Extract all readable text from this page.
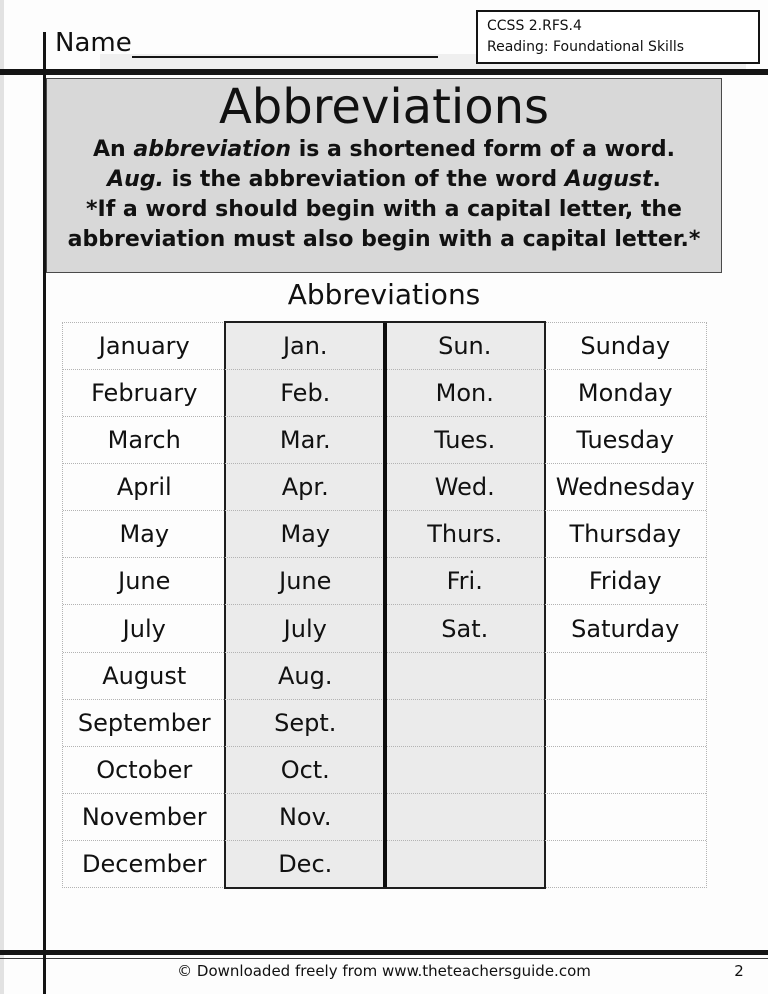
Name
CCSS 2.RFS.4
Reading: Foundational Skills
Abbreviations
An abbreviation is a shortened form of a word.
Aug. is the abbreviation of the word August.
*If a word should begin with a capital letter, the
abbreviation must also begin with a capital letter.*
Abbreviations
January	Jan.	Sun.	Sunday
February	Feb.	Mon.	Monday
March	Mar.	Tues.	Tuesday
April	Apr.	Wed.	Wednesday
May	May	Thurs.	Thursday
June	June	Fri.	Friday
July	July	Sat.	Saturday
August	Aug.
September	Sept.
October	Oct.
November	Nov.
December	Dec.
© Downloaded freely from www.theteachersguide.com	2
